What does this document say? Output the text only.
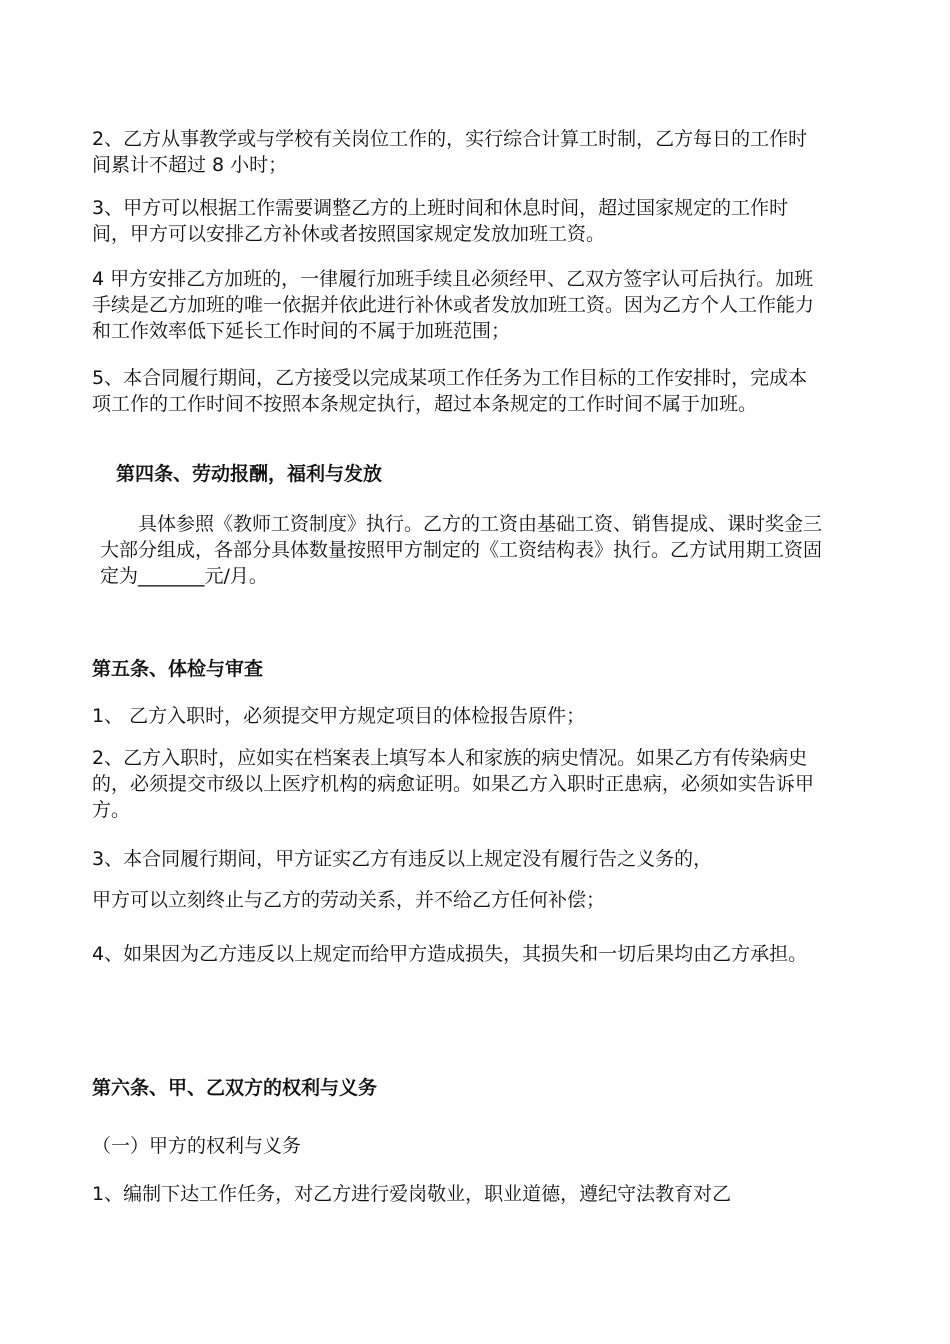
2、乙方从事教学或与学校有关岗位工作的，实行综合计算工时制，乙方每日的工作时间累计不超过 8 小时；

3、甲方可以根据工作需要调整乙方的上班时间和休息时间，超过国家规定的工作时间，甲方可以安排乙方补休或者按照国家规定发放加班工资。

4 甲方安排乙方加班的，一律履行加班手续且必须经甲、乙双方签字认可后执行。加班手续是乙方加班的唯一依据并依此进行补休或者发放加班工资。因为乙方个人工作能力和工作效率低下延长工作时间的不属于加班范围；

5、本合同履行期间，乙方接受以完成某项工作任务为工作目标的工作安排时，完成本项工作的工作时间不按照本条规定执行，超过本条规定的工作时间不属于加班。

第四条、劳动报酬，福利与发放

具体参照《教师工资制度》执行。乙方的工资由基础工资、销售提成、课时奖金三大部分组成，各部分具体数量按照甲方制定的《工资结构表》执行。乙方试用期工资固定为_______元/月。

第五条、体检与审查

1、 乙方入职时，必须提交甲方规定项目的体检报告原件；

2、乙方入职时，应如实在档案表上填写本人和家族的病史情况。如果乙方有传染病史的，必须提交市级以上医疗机构的病愈证明。如果乙方入职时正患病，必须如实告诉甲方。

3、本合同履行期间，甲方证实乙方有违反以上规定没有履行告之义务的，

甲方可以立刻终止与乙方的劳动关系，并不给乙方任何补偿；

4、如果因为乙方违反以上规定而给甲方造成损失，其损失和一切后果均由乙方承担。

第六条、甲、乙双方的权利与义务

（一）甲方的权利与义务

1、编制下达工作任务，对乙方进行爱岗敬业，职业道德，遵纪守法教育对乙
